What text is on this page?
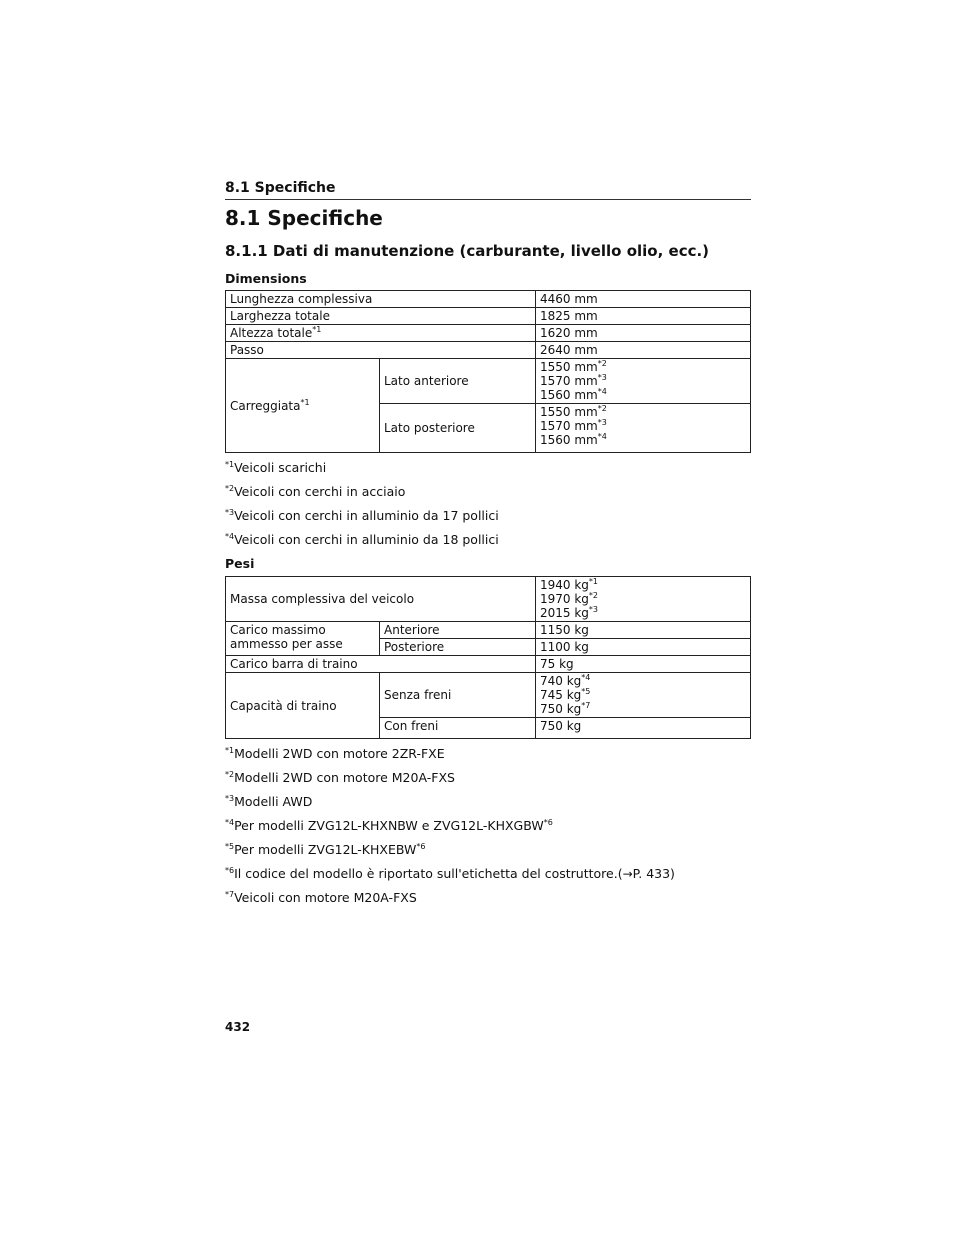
8.1 Specifiche
8.1 Specifiche
8.1.1 Dati di manutenzione (carburante, livello olio, ecc.)
Dimensions
Lunghezza complessiva		4460 mm
Larghezza totale		1825 mm
Altezza totale$^{*1}$		1620 mm
Passo		2640 mm
Carreggiata$^{*1}$	Lato anteriore	1550 $mm^{*2}$
1570 $mm^{*3}$
1560 $mm^{*4}$
	Lato posteriore	1550 $mm^{*2}$
1570 $mm^{*3}$
1560 $mm^{*4}$
$^{*1}$Veicoli scarichi
$^{*2}$Veicoli con cerchi in acciaio
$^{*3}$Veicoli con cerchi in alluminio da 17 pollici
$^{*4}$Veicoli con cerchi in alluminio da 18 pollici
Pesi
Massa complessiva del veicolo		1940 $kg^{*1}$
1970 $kg^{*2}$
2015 $kg^{*3}$
Carico massimo ammesso per asse	Anteriore	1150 kg
	Posteriore	1100 kg
Carico barra di traino		75 kg
Capacità di traino	Senza freni	740 $kg^{*4}$
745 $kg^{*5}$
750 $kg^{*7}$
	Con freni	750 kg
$^{*1}$Modelli 2WD con motore 2ZR-FXE
$^{*2}$Modelli 2WD con motore M20A-FXS
$^{*3}$Modelli AWD
$^{*4}$Per modelli ZVG12L-KHXNBW e ZVG12L-KHXGBW$^{*6}$
$^{*5}$Per modelli ZVG12L-KHXEBW$^{*6}$
$^{*6}$Il codice del modello è riportato sull'etichetta del costruttore.(→P. 433)
$^{*7}$Veicoli con motore M20A-FXS
432
